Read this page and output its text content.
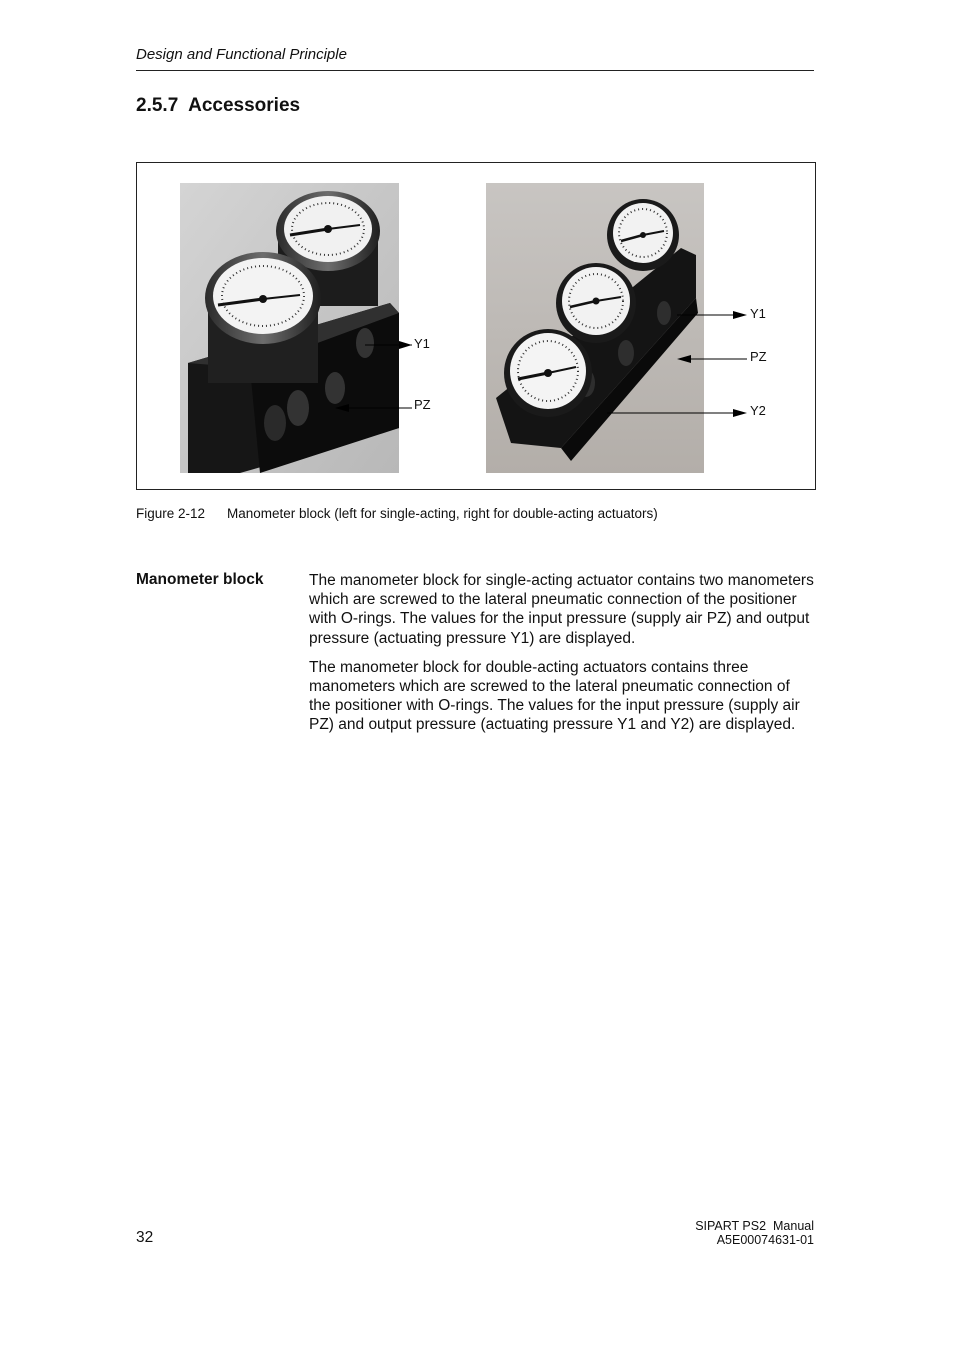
Design and Functional Principle
2.5.7 Accessories
Y1
PZ
Y1
PZ
Y2
Figure 2-12 Manometer block (left for single‑acting, right for double‑acting actuators)
Manometer block	The manometer block for single‑acting actuator contains two manometers which are screwed to the lateral pneumatic connection of the positioner with O‑rings. The values for the input pressure (supply air PZ) and output pressure (actuating pressure Y1) are displayed.

The manometer block for double‑acting actuators contains three manometers which are screwed to the lateral pneumatic connection of the positioner with O‑rings. The values for the input pressure (supply air PZ) and output pressure (actuating pressure Y1 and Y2) are displayed.

32
SIPART PS2  Manual
A5E00074631-01
